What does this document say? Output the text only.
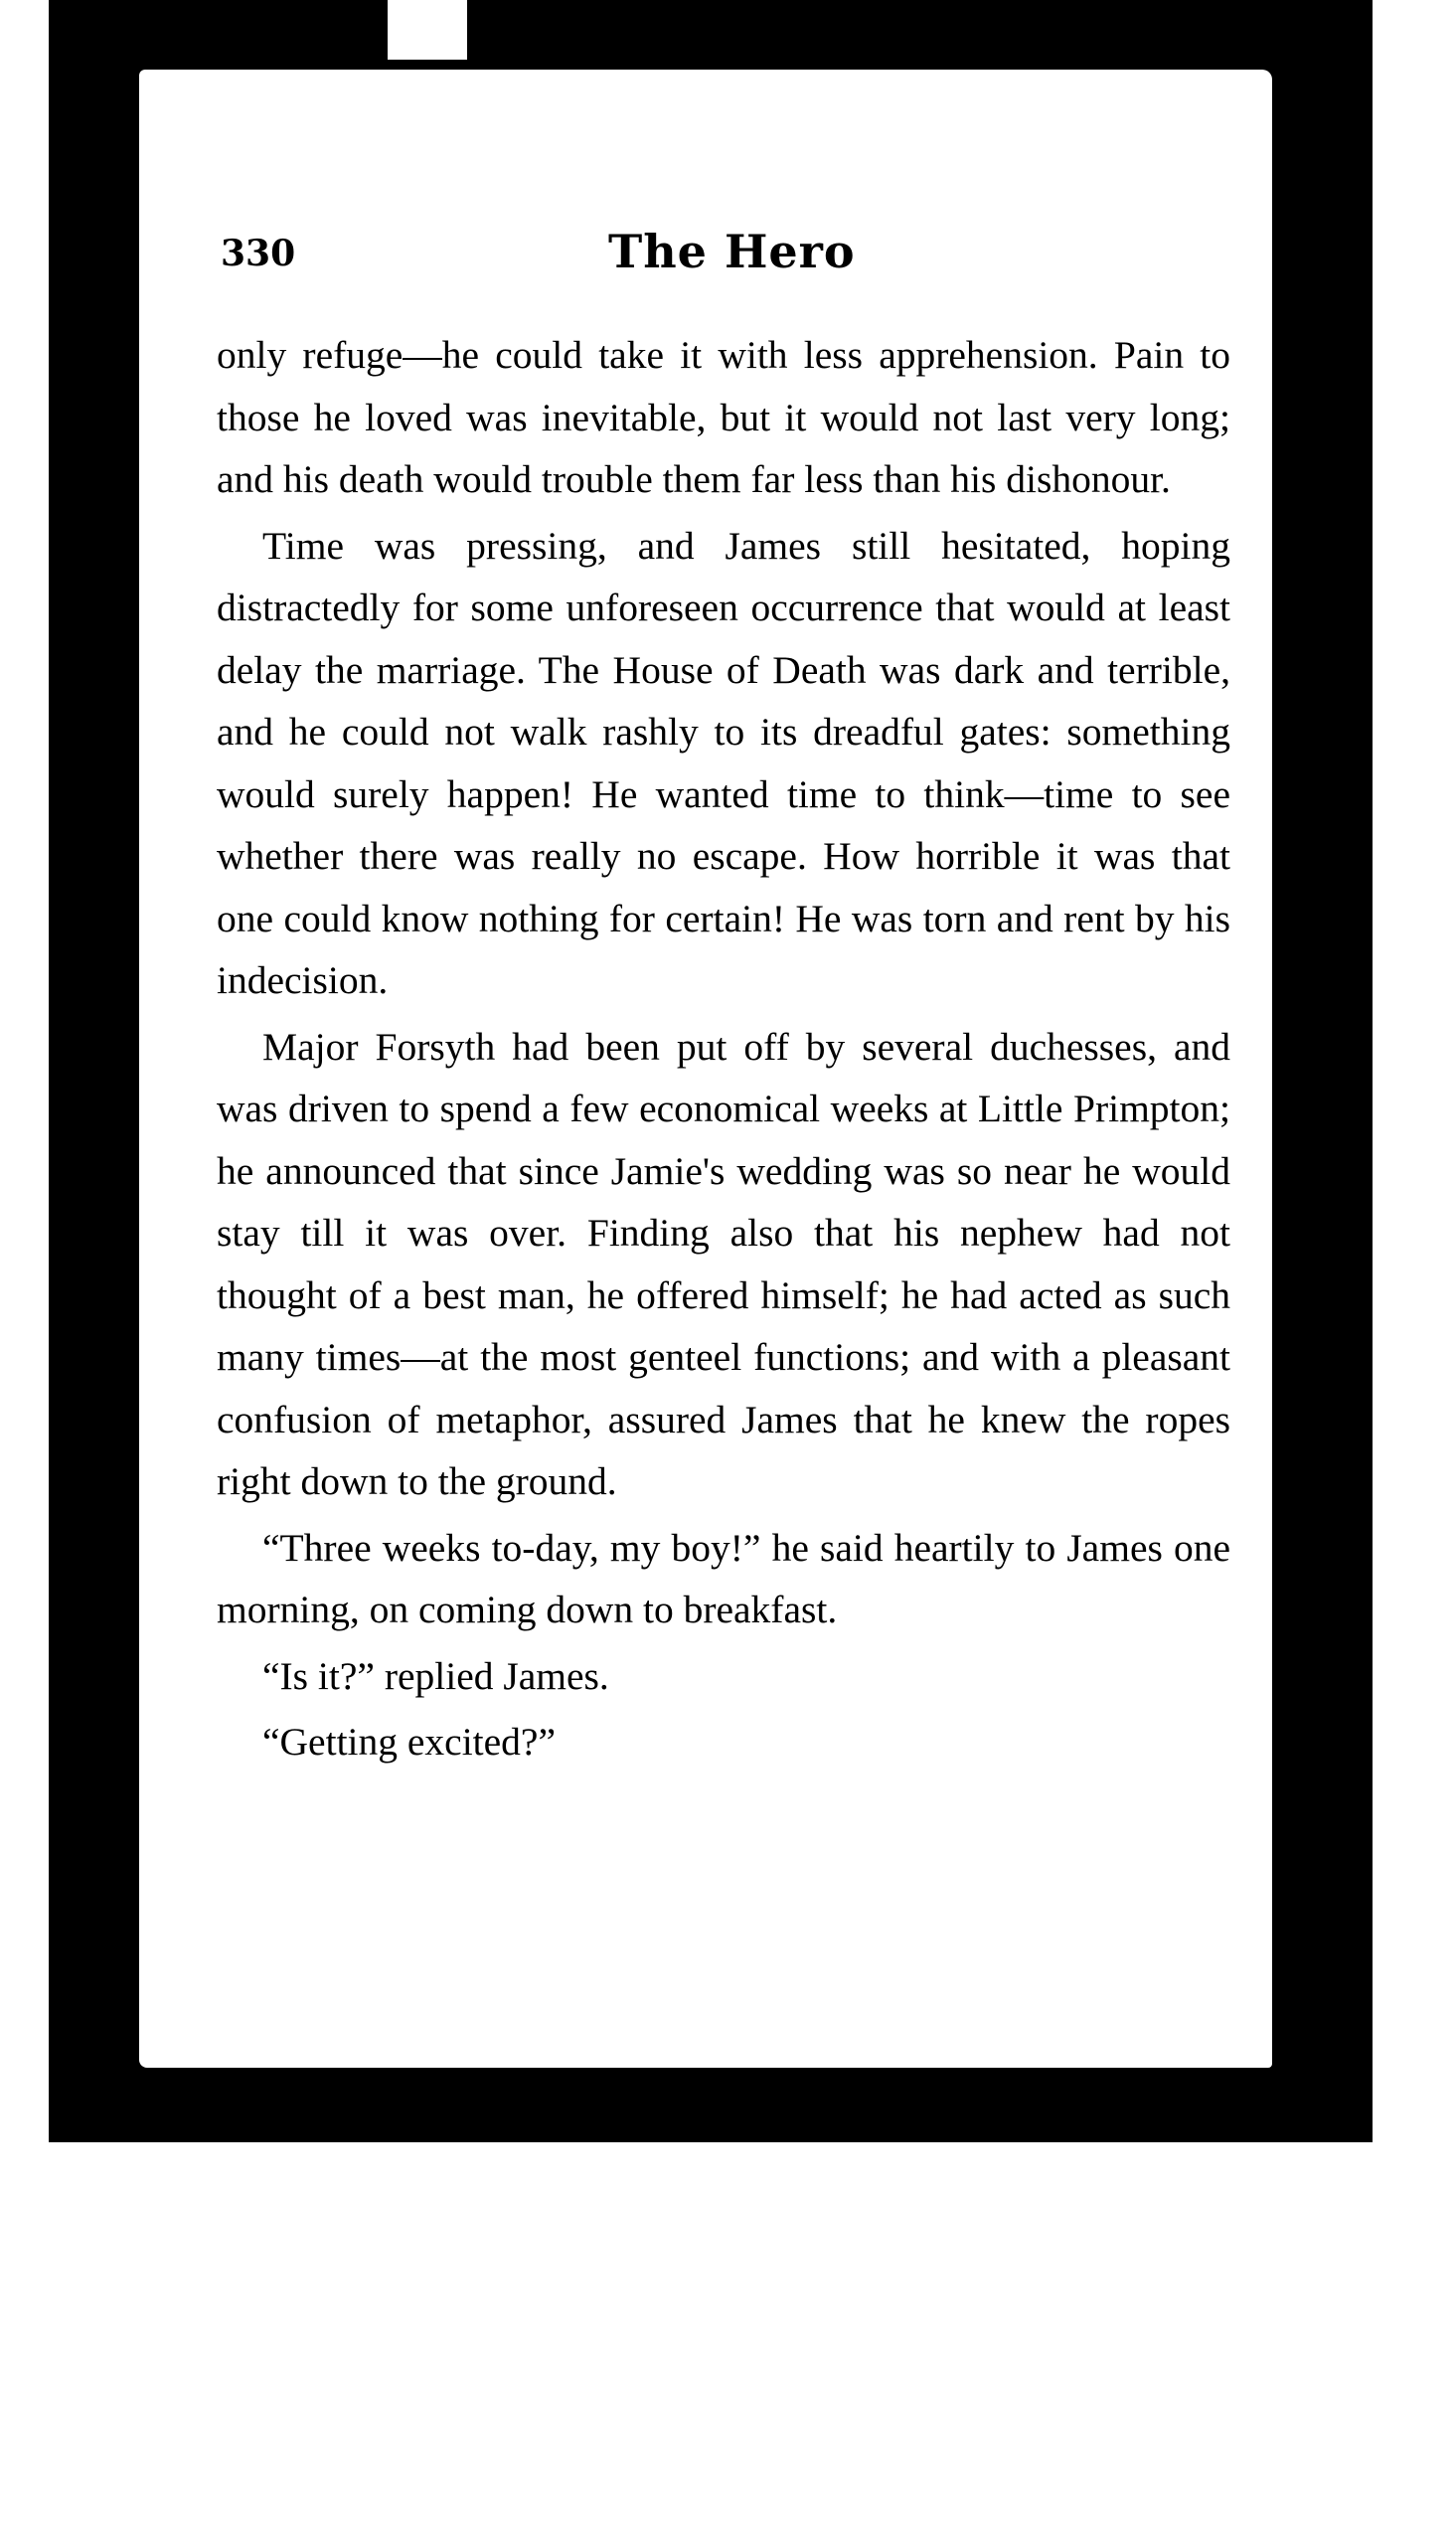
330	The Hero

only refuge—he could take it with less apprehension. Pain to those he loved was inevitable, but it would not last very long; and his death would trouble them far less than his dishonour.

Time was pressing, and James still hesitated, hoping distractedly for some unforeseen occurrence that would at least delay the marriage. The House of Death was dark and terrible, and he could not walk rashly to its dreadful gates: something would surely happen! He wanted time to think—time to see whether there was really no escape. How horrible it was that one could know nothing for certain! He was torn and rent by his indecision.

Major Forsyth had been put off by several duchesses, and was driven to spend a few economical weeks at Little Primpton; he announced that since Jamie's wedding was so near he would stay till it was over. Finding also that his nephew had not thought of a best man, he offered himself; he had acted as such many times—at the most genteel functions; and with a pleasant confusion of metaphor, assured James that he knew the ropes right down to the ground.

“Three weeks to-day, my boy!” he said heartily to James one morning, on coming down to breakfast.

“Is it?” replied James.

“Getting excited?”
